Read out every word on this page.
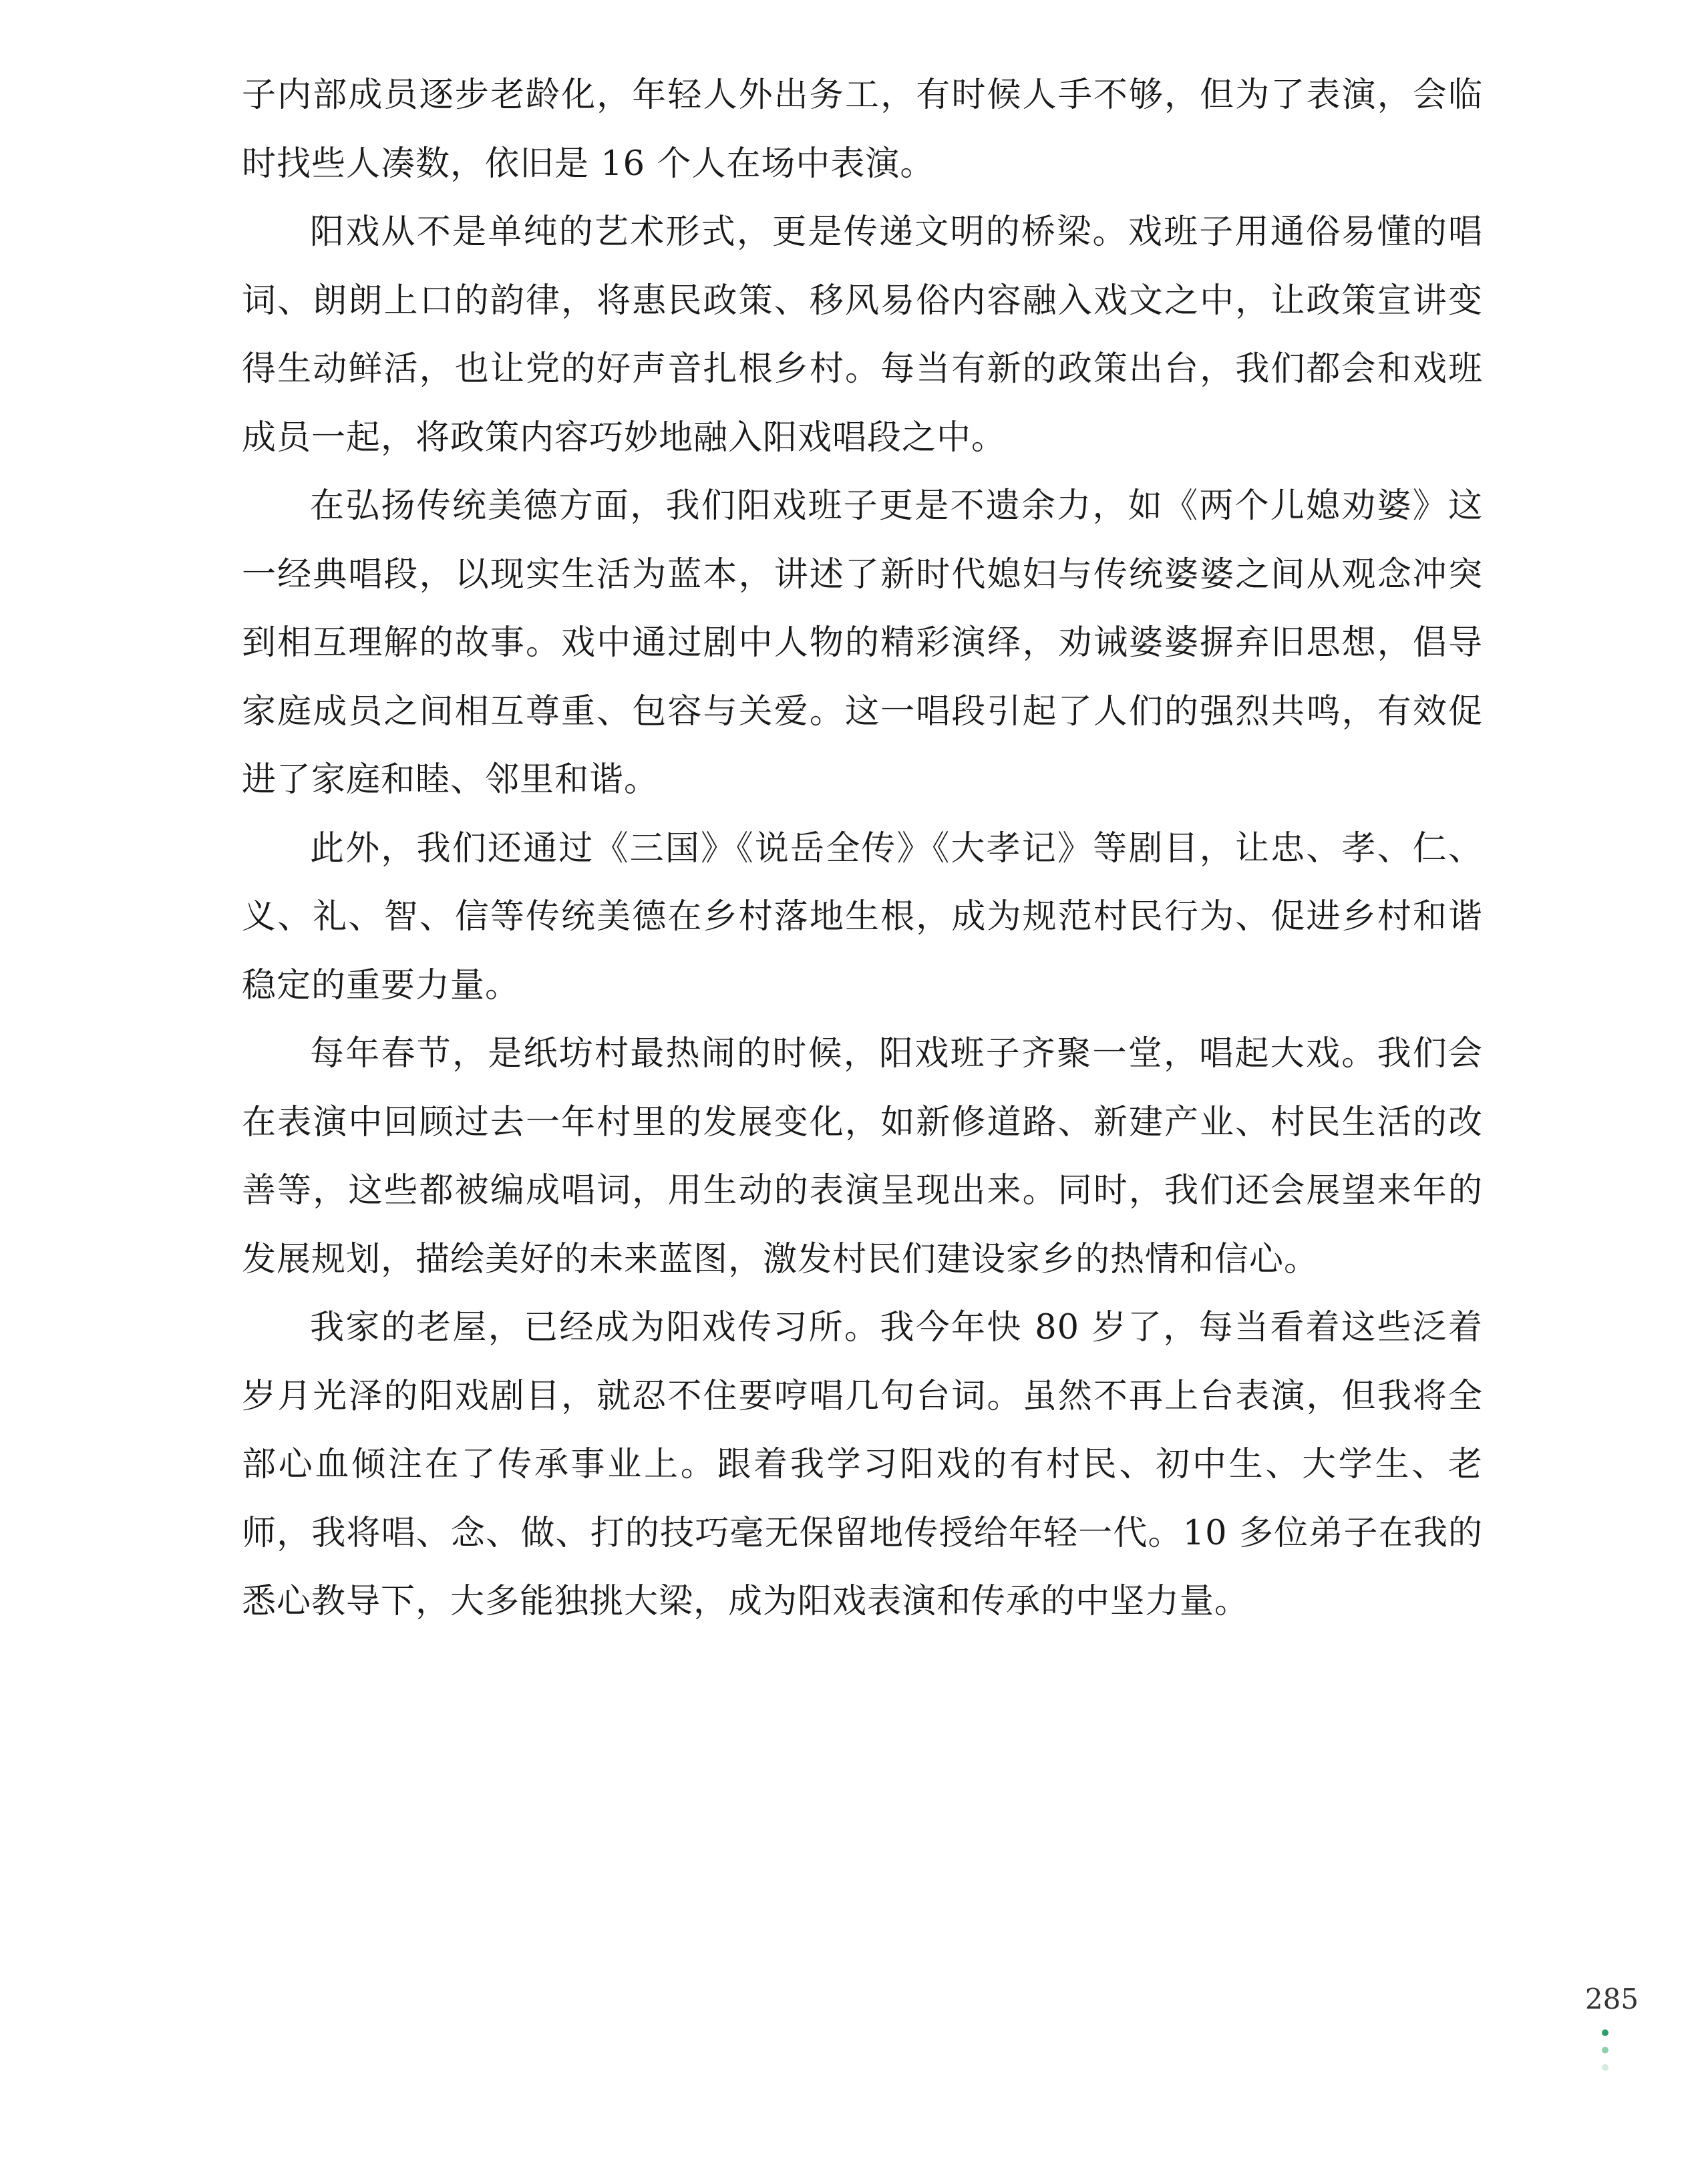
子内部成员逐步老龄化，年轻人外出务工，有时候人手不够，但为了表演，会临时找些人凑数，依旧是 16 个人在场中表演。

阳戏从不是单纯的艺术形式，更是传递文明的桥梁。戏班子用通俗易懂的唱词、朗朗上口的韵律，将惠民政策、移风易俗内容融入戏文之中，让政策宣讲变得生动鲜活，也让党的好声音扎根乡村。每当有新的政策出台，我们都会和戏班成员一起，将政策内容巧妙地融入阳戏唱段之中。

在弘扬传统美德方面，我们阳戏班子更是不遗余力，如《两个儿媳劝婆》这一经典唱段，以现实生活为蓝本，讲述了新时代媳妇与传统婆婆之间从观念冲突到相互理解的故事。戏中通过剧中人物的精彩演绎，劝诫婆婆摒弃旧思想，倡导家庭成员之间相互尊重、包容与关爱。这一唱段引起了人们的强烈共鸣，有效促进了家庭和睦、邻里和谐。

此外，我们还通过《三国》《说岳全传》《大孝记》等剧目，让忠、孝、仁、义、礼、智、信等传统美德在乡村落地生根，成为规范村民行为、促进乡村和谐稳定的重要力量。

每年春节，是纸坊村最热闹的时候，阳戏班子齐聚一堂，唱起大戏。我们会在表演中回顾过去一年村里的发展变化，如新修道路、新建产业、村民生活的改善等，这些都被编成唱词，用生动的表演呈现出来。同时，我们还会展望来年的发展规划，描绘美好的未来蓝图，激发村民们建设家乡的热情和信心。

我家的老屋，已经成为阳戏传习所。我今年快 80 岁了，每当看着这些泛着岁月光泽的阳戏剧目，就忍不住要哼唱几句台词。虽然不再上台表演，但我将全部心血倾注在了传承事业上。跟着我学习阳戏的有村民、初中生、大学生、老师，我将唱、念、做、打的技巧毫无保留地传授给年轻一代。10 多位弟子在我的悉心教导下，大多能独挑大梁，成为阳戏表演和传承的中坚力量。

285
